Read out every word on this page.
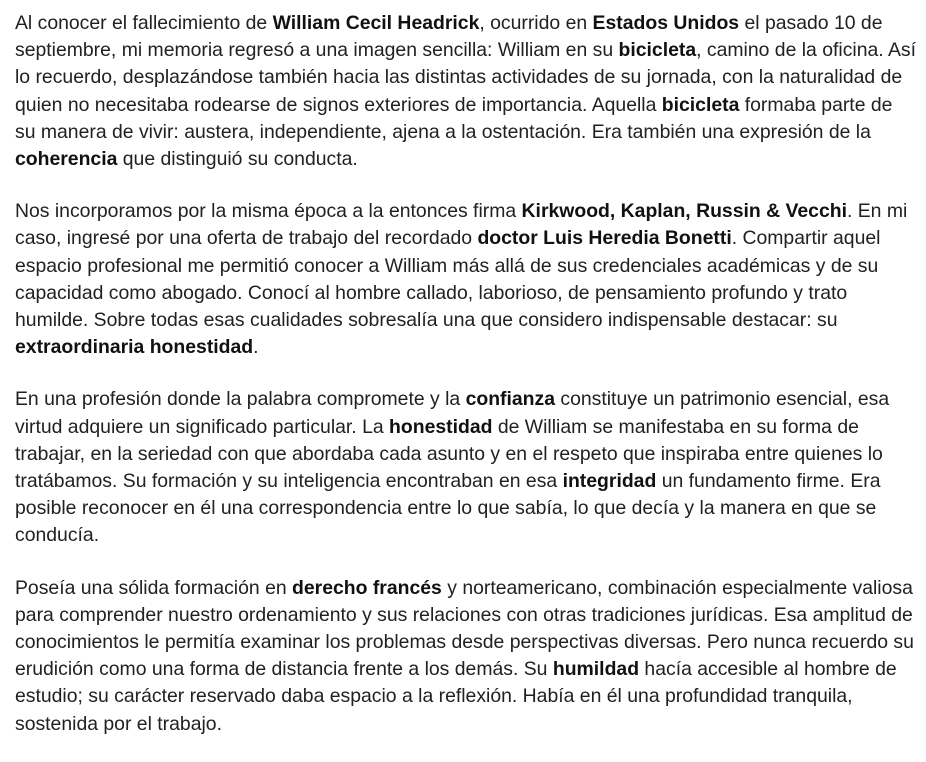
Al conocer el fallecimiento de William Cecil Headrick, ocurrido en Estados Unidos el pasado 10 de septiembre, mi memoria regresó a una imagen sencilla: William en su bicicleta, camino de la oficina. Así lo recuerdo, desplazándose también hacia las distintas actividades de su jornada, con la naturalidad de quien no necesitaba rodearse de signos exteriores de importancia. Aquella bicicleta formaba parte de su manera de vivir: austera, independiente, ajena a la ostentación. Era también una expresión de la coherencia que distinguió su conducta.

Nos incorporamos por la misma época a la entonces firma Kirkwood, Kaplan, Russin & Vecchi. En mi caso, ingresé por una oferta de trabajo del recordado doctor Luis Heredia Bonetti. Compartir aquel espacio profesional me permitió conocer a William más allá de sus credenciales académicas y de su capacidad como abogado. Conocí al hombre callado, laborioso, de pensamiento profundo y trato humilde. Sobre todas esas cualidades sobresalía una que considero indispensable destacar: su extraordinaria honestidad.

En una profesión donde la palabra compromete y la confianza constituye un patrimonio esencial, esa virtud adquiere un significado particular. La honestidad de William se manifestaba en su forma de trabajar, en la seriedad con que abordaba cada asunto y en el respeto que inspiraba entre quienes lo tratábamos. Su formación y su inteligencia encontraban en esa integridad un fundamento firme. Era posible reconocer en él una correspondencia entre lo que sabía, lo que decía y la manera en que se conducía.

Poseía una sólida formación en derecho francés y norteamericano, combinación especialmente valiosa para comprender nuestro ordenamiento y sus relaciones con otras tradiciones jurídicas. Esa amplitud de conocimientos le permitía examinar los problemas desde perspectivas diversas. Pero nunca recuerdo su erudición como una forma de distancia frente a los demás. Su humildad hacía accesible al hombre de estudio; su carácter reservado daba espacio a la reflexión. Había en él una profundidad tranquila, sostenida por el trabajo.
